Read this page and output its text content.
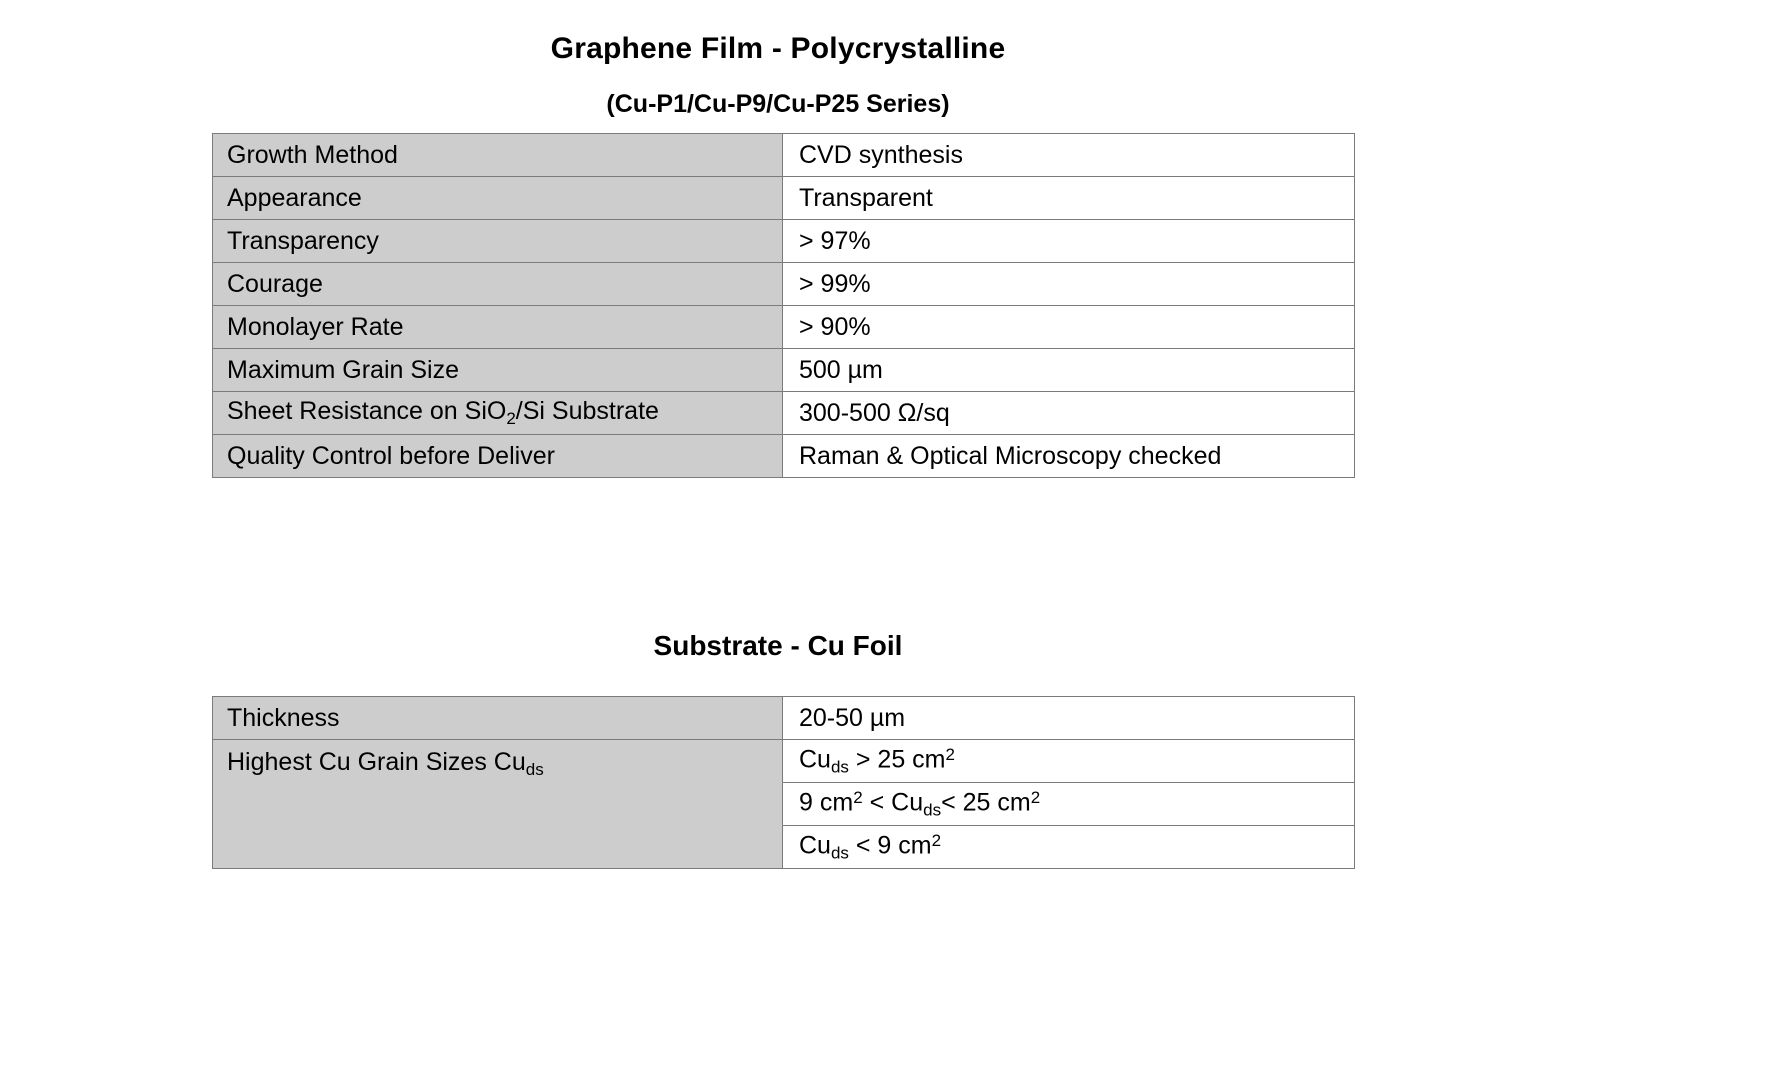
Graphene Film - Polycrystalline
(Cu-P1/Cu-P9/Cu-P25 Series)
Growth Method	CVD synthesis
Appearance	Transparent
Transparency	> 97%
Courage	> 99%
Monolayer Rate	> 90%
Maximum Grain Size	500 µm
Sheet Resistance on SiO$_2$/Si Substrate	300-500 Ω/sq
Quality Control before Deliver	Raman & Optical Microscopy checked
Substrate - Cu Foil
Thickness	20-50 µm
Highest Cu Grain Sizes $Cu_{ds}$	$Cu_{ds} > 25$ $cm^2$
	9 $cm^2 < Cu_{ds}< 25$ $cm^2$
	$Cu_{ds} < 9$ $cm^2$
